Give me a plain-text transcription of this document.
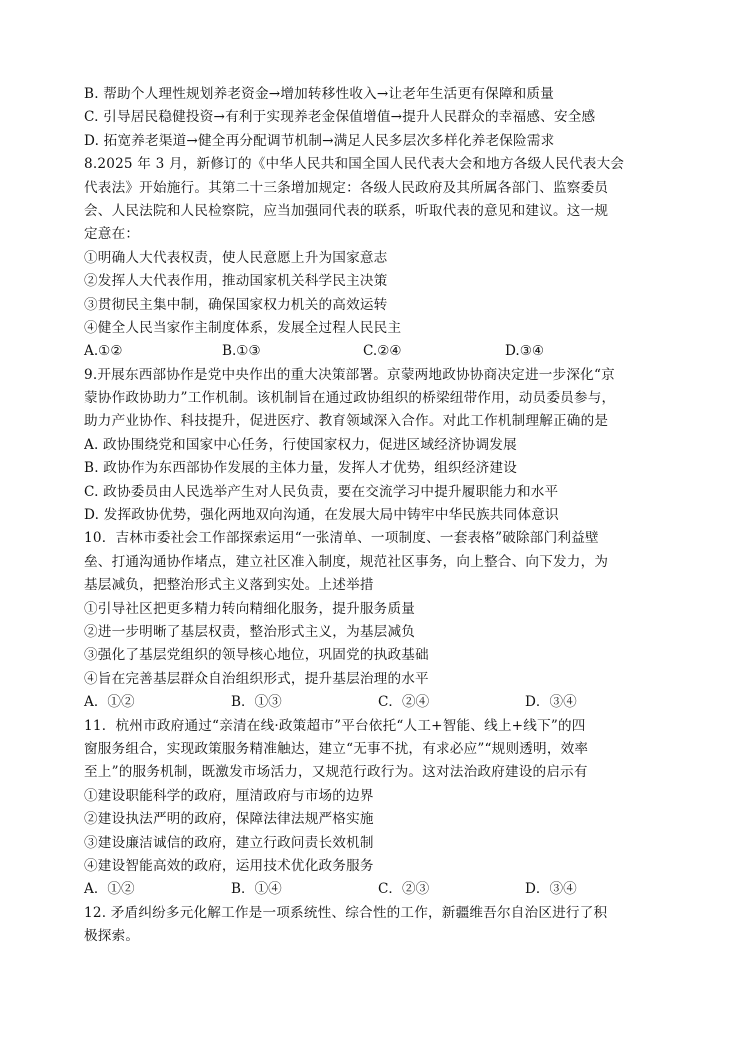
B. 帮助个人理性规划养老资金→增加转移性收入→让老年生活更有保障和质量
C. 引导居民稳健投资→有利于实现养老金保值增值→提升人民群众的幸福感、安全感
D. 拓宽养老渠道→健全再分配调节机制→满足人民多层次多样化养老保险需求
8.2025 年 3 月，新修订的《中华人民共和国全国人民代表大会和地方各级人民代表大会
代表法》开始施行。其第二十三条增加规定：各级人民政府及其所属各部门、监察委员
会、人民法院和人民检察院，应当加强同代表的联系，听取代表的意见和建议。这一规
定意在：
①明确人大代表权责，使人民意愿上升为国家意志
②发挥人大代表作用，推动国家机关科学民主决策
③贯彻民主集中制，确保国家权力机关的高效运转
④健全人民当家作主制度体系，发展全过程人民民主
A.①②	B.①③	C.②④	D.③④
9.开展东西部协作是党中央作出的重大决策部署。京蒙两地政协协商决定进一步深化“京
蒙协作政协助力”工作机制。该机制旨在通过政协组织的桥梁纽带作用，动员委员参与，
助力产业协作、科技提升，促进医疗、教育领域深入合作。对此工作机制理解正确的是
A. 政协围绕党和国家中心任务，行使国家权力，促进区域经济协调发展
B. 政协作为东西部协作发展的主体力量，发挥人才优势，组织经济建设
C. 政协委员由人民选举产生对人民负责，要在交流学习中提升履职能力和水平
D. 发挥政协优势，强化两地双向沟通，在发展大局中铸牢中华民族共同体意识
10．吉林市委社会工作部探索运用“一张清单、一项制度、一套表格”破除部门利益壁
垒、打通沟通协作堵点，建立社区准入制度，规范社区事务，向上整合、向下发力，为
基层减负，把整治形式主义落到实处。上述举措
①引导社区把更多精力转向精细化服务，提升服务质量
②进一步明晰了基层权责，整治形式主义，为基层减负
③强化了基层党组织的领导核心地位，巩固党的执政基础
④旨在完善基层群众自治组织形式，提升基层治理的水平
A．①②	B．①③	C．②④	D．③④
11．杭州市政府通过“亲清在线·政策超市”平台依托“人工+智能、线上+线下”的四
窗服务组合，实现政策服务精准触达，建立“无事不扰，有求必应”“规则透明，效率
至上”的服务机制，既激发市场活力，又规范行政行为。这对法治政府建设的启示有
①建设职能科学的政府，厘清政府与市场的边界
②建设执法严明的政府，保障法律法规严格实施
③建设廉洁诚信的政府，建立行政问责长效机制
④建设智能高效的政府，运用技术优化政务服务
A．①②	B．①④	C．②③	D．③④
12. 矛盾纠纷多元化解工作是一项系统性、综合性的工作，新疆维吾尔自治区进行了积
极探索。
